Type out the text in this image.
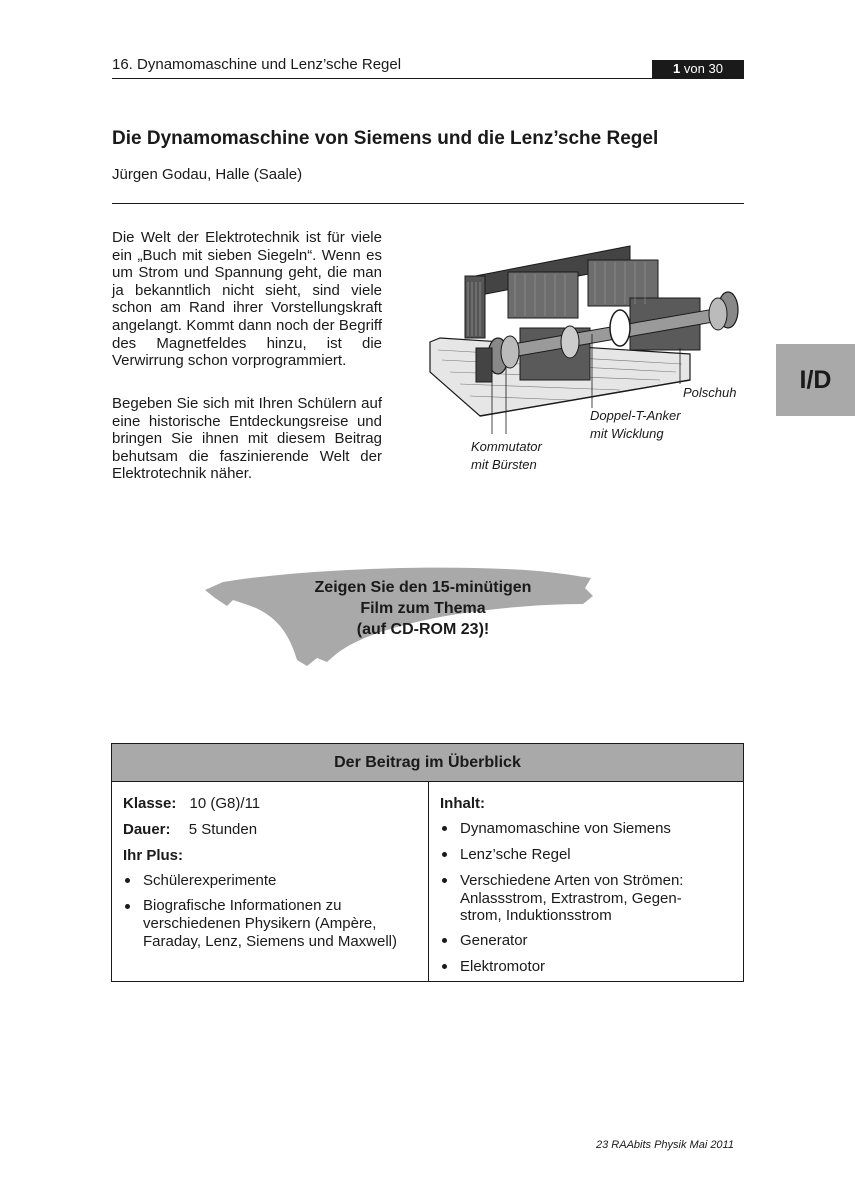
16. Dynamomaschine und Lenz’sche Regel	1 von 30
Die Dynamomaschine von Siemens und die Lenz’sche Regel
Jürgen Godau, Halle (Saale)
I/D

Die Welt der Elektrotechnik ist für viele ein „Buch mit sieben Siegeln“. Wenn es um Strom und Spannung geht, die man ja bekanntlich nicht sieht, sind viele schon am Rand ihrer Vorstellungskraft angelangt. Kommt dann noch der Begriff des Magnetfeldes hinzu, ist die Verwirrung schon vorprogrammiert.

Begeben Sie sich mit Ihren Schülern auf eine historische Entdeckungsreise und bringen Sie ihnen mit diesem Beitrag behutsam die faszinierende Welt der Elektrotechnik näher.

Polschuh
Doppel-T-Anker
mit Wicklung
Kommutator
mit Bürsten
Zeigen Sie den 15-minütigen
Film zum Thema
(auf CD-ROM 23)!
Der Beitrag im Überblick
Klasse: 10 (G8)/11
Dauer: 5 Stunden
Ihr Plus:
Schülerexperimente
Biografische Informationen zu
verschiedenen Physikern (Ampère,
Faraday, Lenz, Siemens und Maxwell)
Inhalt:
Dynamomaschine von Siemens
Lenz’sche Regel
Verschiedene Arten von Strömen:
Anlassstrom, Extrastrom, Gegen-
strom, Induktionsstrom
Generator
Elektromotor
23 RAAbits Physik Mai 2011
